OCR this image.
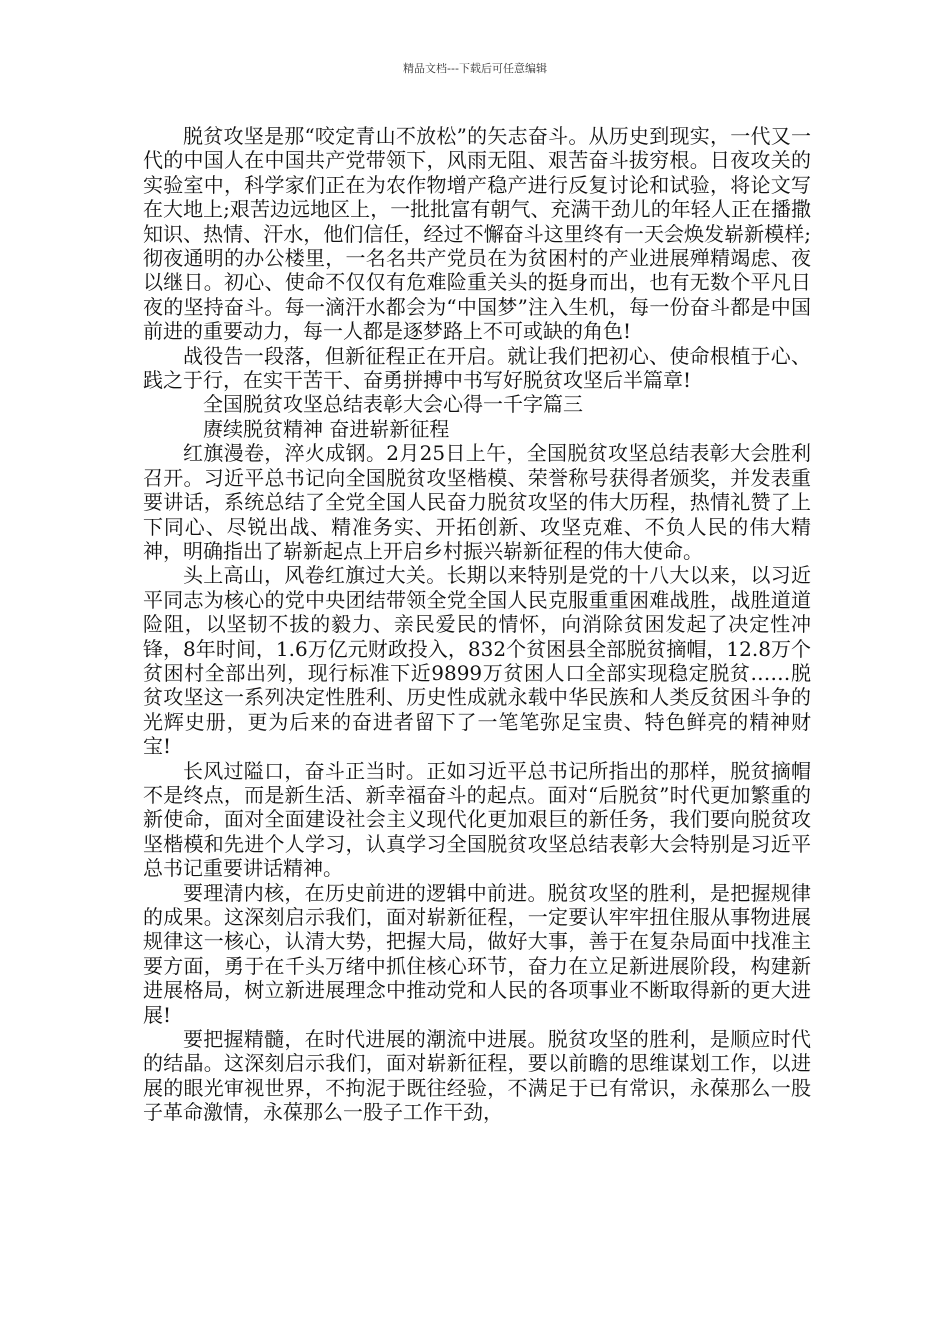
精品文档---下载后可任意编辑

脱贫攻坚是那“咬定青山不放松”的矢志奋斗。从历史到现实，一代又一代的中国人在中国共产党带领下，风雨无阻、艰苦奋斗拔穷根。日夜攻关的实验室中，科学家们正在为农作物增产稳产进行反复讨论和试验，将论文写在大地上;艰苦边远地区上，一批批富有朝气、充满干劲儿的年轻人正在播撒知识、热情、汗水，他们信任，经过不懈奋斗这里终有一天会焕发崭新模样;彻夜通明的办公楼里，一名名共产党员在为贫困村的产业进展殚精竭虑、夜以继日。初心、使命不仅仅有危难险重关头的挺身而出，也有无数个平凡日夜的坚持奋斗。每一滴汗水都会为“中国梦”注入生机，每一份奋斗都是中国前进的重要动力，每一人都是逐梦路上不可或缺的角色!

战役告一段落，但新征程正在开启。就让我们把初心、使命根植于心、践之于行，在实干苦干、奋勇拼搏中书写好脱贫攻坚后半篇章!

全国脱贫攻坚总结表彰大会心得一千字篇三

赓续脱贫精神 奋进崭新征程

红旗漫卷，淬火成钢。2月25日上午，全国脱贫攻坚总结表彰大会胜利召开。习近平总书记向全国脱贫攻坚楷模、荣誉称号获得者颁奖，并发表重要讲话，系统总结了全党全国人民奋力脱贫攻坚的伟大历程，热情礼赞了上下同心、尽锐出战、精准务实、开拓创新、攻坚克难、不负人民的伟大精神，明确指出了崭新起点上开启乡村振兴崭新征程的伟大使命。

头上高山，风卷红旗过大关。长期以来特别是党的十八大以来，以习近平同志为核心的党中央团结带领全党全国人民克服重重困难战胜，战胜道道险阻，以坚韧不拔的毅力、亲民爱民的情怀，向消除贫困发起了决定性冲锋，8年时间，1.6万亿元财政投入，832个贫困县全部脱贫摘帽，12.8万个贫困村全部出列，现行标准下近9899万贫困人口全部实现稳定脱贫……脱贫攻坚这一系列决定性胜利、历史性成就永载中华民族和人类反贫困斗争的光辉史册，更为后来的奋进者留下了一笔笔弥足宝贵、特色鲜亮的精神财宝!

长风过隘口，奋斗正当时。正如习近平总书记所指出的那样，脱贫摘帽不是终点，而是新生活、新幸福奋斗的起点。面对“后脱贫”时代更加繁重的新使命，面对全面建设社会主义现代化更加艰巨的新任务，我们要向脱贫攻坚楷模和先进个人学习，认真学习全国脱贫攻坚总结表彰大会特别是习近平总书记重要讲话精神。

要理清内核，在历史前进的逻辑中前进。脱贫攻坚的胜利，是把握规律的成果。这深刻启示我们，面对崭新征程，一定要认牢牢扭住服从事物进展规律这一核心，认清大势，把握大局，做好大事，善于在复杂局面中找准主要方面，勇于在千头万绪中抓住核心环节，奋力在立足新进展阶段，构建新进展格局，树立新进展理念中推动党和人民的各项事业不断取得新的更大进展!

要把握精髓，在时代进展的潮流中进展。脱贫攻坚的胜利，是顺应时代的结晶。这深刻启示我们，面对崭新征程，要以前瞻的思维谋划工作，以进展的眼光审视世界，不拘泥于既往经验，不满足于已有常识，永葆那么一股子革命激情，永葆那么一股子工作干劲，
